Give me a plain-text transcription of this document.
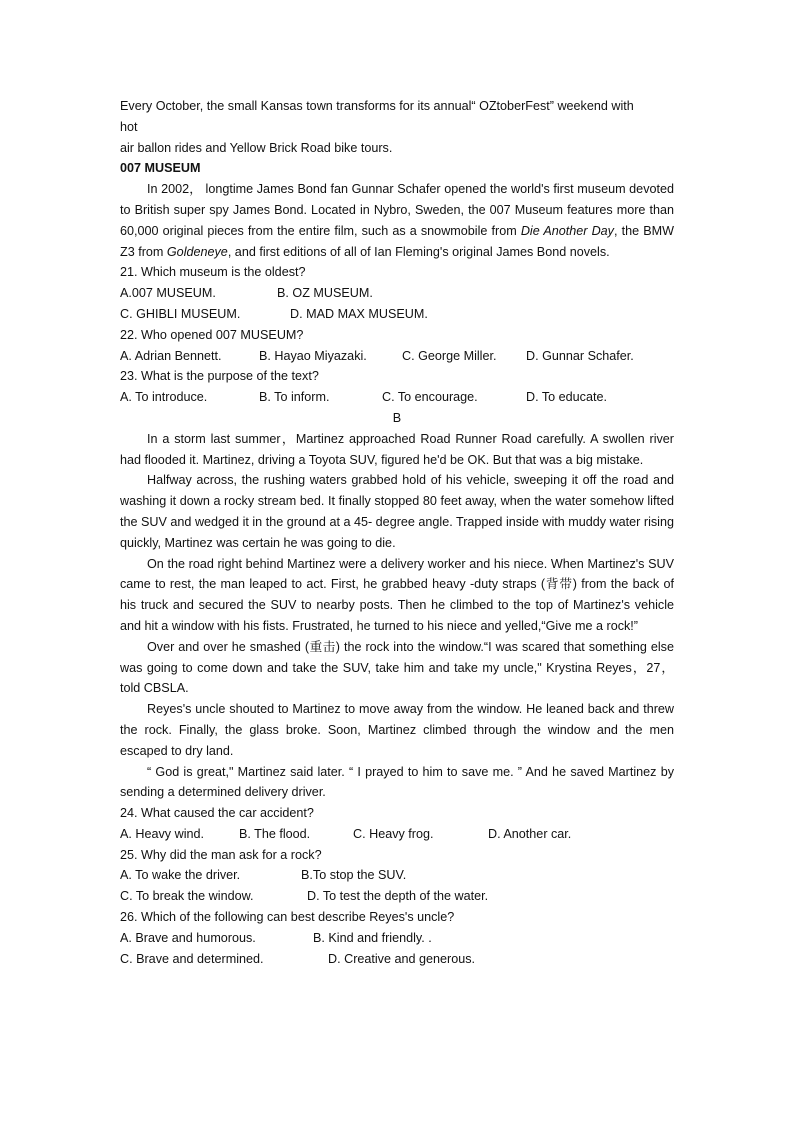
Every October, the small Kansas town transforms for its annual“ OZtoberFest” weekend with

hot

air ballon rides and Yellow Brick Road bike tours.

007 MUSEUM

In 2002， longtime James Bond fan Gunnar Schafer opened the world's first museum devoted to British super spy James Bond. Located in Nybro, Sweden, the 007 Museum features more than 60,000 original pieces from the entire film, such as a snowmobile from Die Another Day, the BMW Z3 from Goldeneye, and first editions of all of Ian Fleming's original James Bond novels.

21. Which museum is the oldest?

A.007 MUSEUM.	B. OZ MUSEUM.
C. GHIBLI MUSEUM.	D. MAD MAX MUSEUM.

22. Who opened 007 MUSEUM?

A. Adrian Bennett.	B. Hayao Miyazaki.	C. George Miller. D. Gunnar Schafer.

23. What is the purpose of the text?

A. To introduce.	B. To inform.	C. To encourage.	D. To educate.

B

In a storm last summer，Martinez approached Road Runner Road carefully. A swollen river had flooded it. Martinez, driving a Toyota SUV, figured he'd be OK. But that was a big mistake.

Halfway across, the rushing waters grabbed hold of his vehicle, sweeping it off the road and washing it down a rocky stream bed. It finally stopped 80 feet away, when the water somehow lifted the SUV and wedged it in the ground at a 45- degree angle. Trapped inside with muddy water rising quickly, Martinez was certain he was going to die.

On the road right behind Martinez were a delivery worker and his niece. When Martinez's SUV came to rest, the man leaped to act. First, he grabbed heavy -duty straps (背带) from the back of his truck and secured the SUV to nearby posts. Then he climbed to the top of Martinez's vehicle and hit a window with his fists. Frustrated, he turned to his niece and yelled,“Give me a rock!”

Over and over he smashed (重击) the rock into the window.“I was scared that something else was going to come down and take the SUV, take him and take my uncle," Krystina Reyes，27， told CBSLA.

Reyes's uncle shouted to Martinez to move away from the window. He leaned back and threw the rock. Finally, the glass broke. Soon, Martinez climbed through the window and the men escaped to dry land.

“ God is great," Martinez said later. “ I prayed to him to save me. ” And he saved Martinez by sending a determined delivery driver.

24. What caused the car accident?

A. Heavy wind.	B. The flood.	C. Heavy frog.	D. Another car.

25. Why did the man ask for a rock?

A. To wake the driver.	B.To stop the SUV.
C. To break the window.	D. To test the depth of the water.

26. Which of the following can best describe Reyes's uncle?

A. Brave and humorous.	B. Kind and friendly. .
C. Brave and determined.	D. Creative and generous.
